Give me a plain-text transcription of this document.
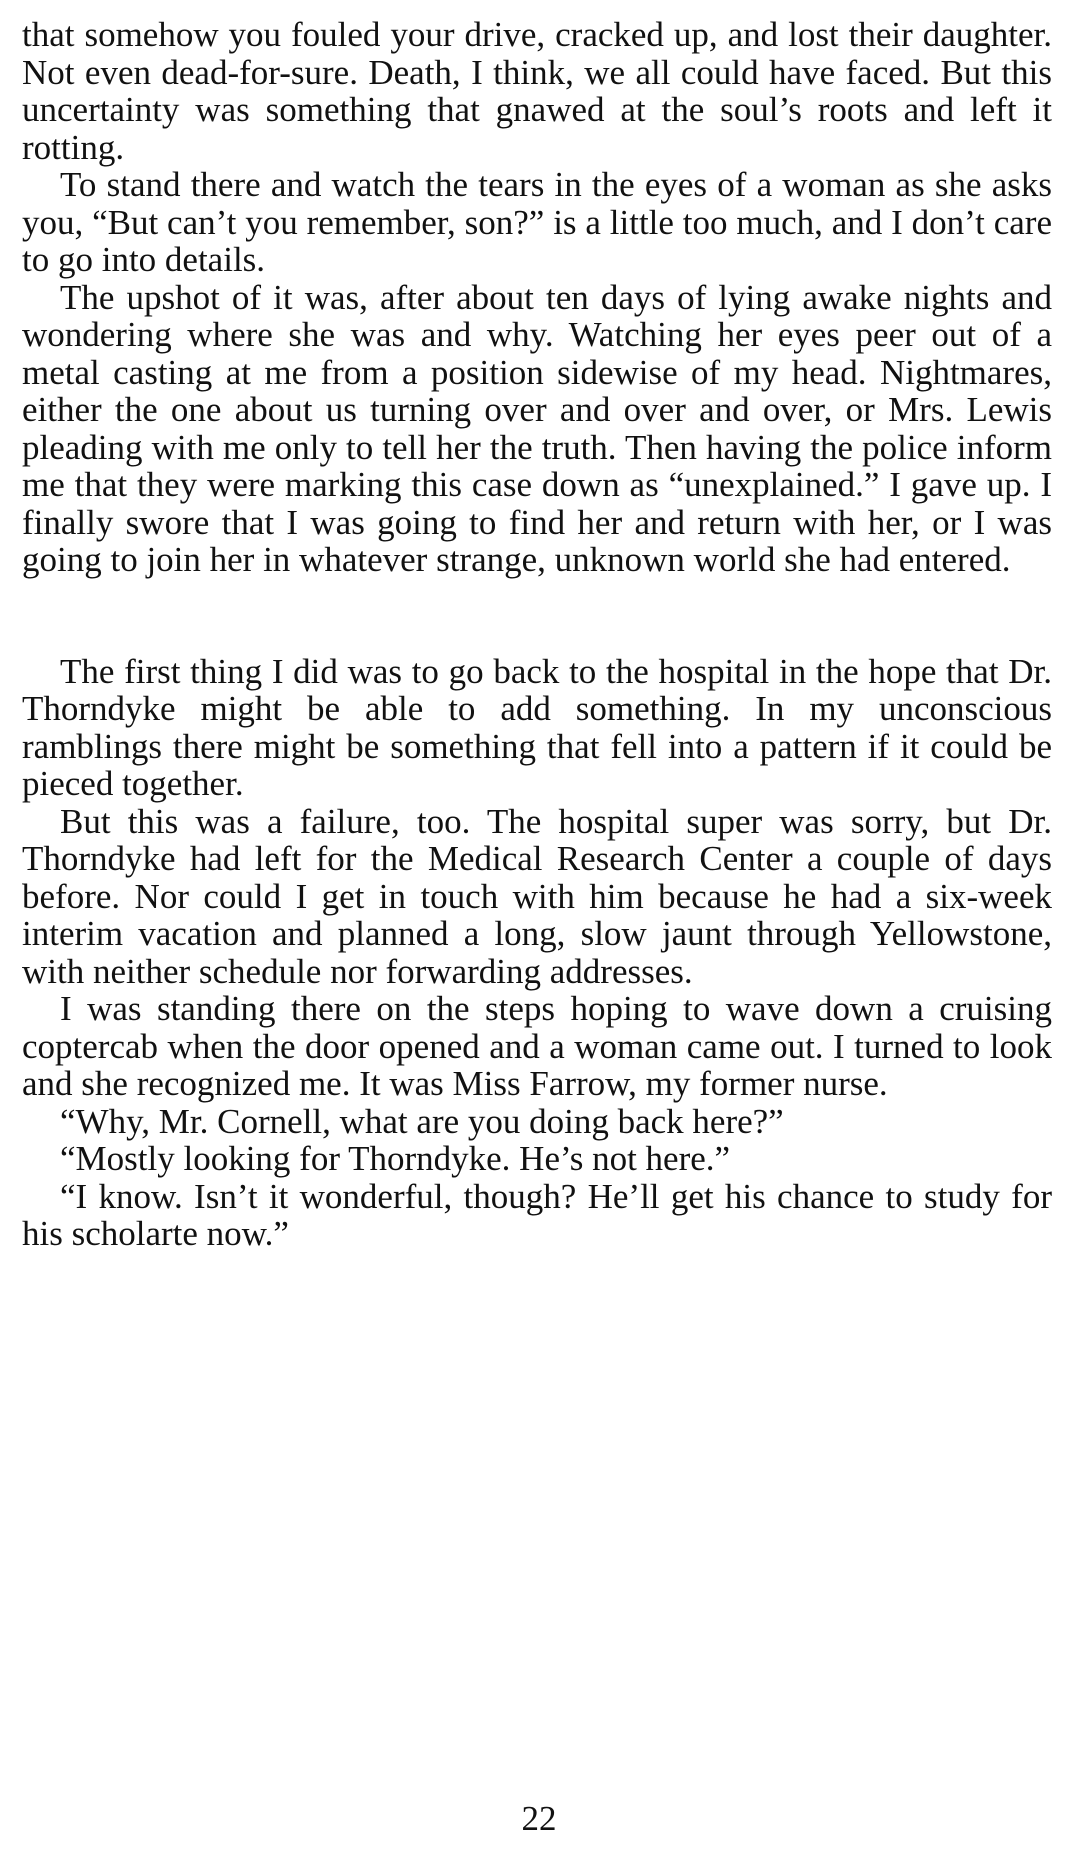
that somehow you fouled your drive, cracked up, and lost their daughter. Not even dead-for-sure. Death, I think, we all could have faced. But this uncertainty was something that gnawed at the soul’s roots and left it rotting.

To stand there and watch the tears in the eyes of a woman as she asks you, “But can’t you remember, son?” is a little too much, and I don’t care to go into details.

The upshot of it was, after about ten days of lying awake nights and wondering where she was and why. Watching her eyes peer out of a metal casting at me from a position sidewise of my head. Nightmares, either the one about us turning over and over and over, or Mrs. Lewis pleading with me only to tell her the truth. Then having the police inform me that they were marking this case down as “unexplained.” I gave up. I finally swore that I was going to find her and return with her, or I was going to join her in whatever strange, unknown world she had entered.

The first thing I did was to go back to the hospital in the hope that Dr. Thorndyke might be able to add something. In my unconscious ramblings there might be something that fell into a pattern if it could be pieced together.

But this was a failure, too. The hospital super was sorry, but Dr. Thorndyke had left for the Medical Research Center a couple of days before. Nor could I get in touch with him because he had a six-week interim vacation and planned a long, slow jaunt through Yellowstone, with neither schedule nor forwarding addresses.

I was standing there on the steps hoping to wave down a cruising coptercab when the door opened and a woman came out. I turned to look and she recognized me. It was Miss Farrow, my former nurse.

“Why, Mr. Cornell, what are you doing back here?”

“Mostly looking for Thorndyke. He’s not here.”

“I know. Isn’t it wonderful, though? He’ll get his chance to study for his scholarte now.”

22
